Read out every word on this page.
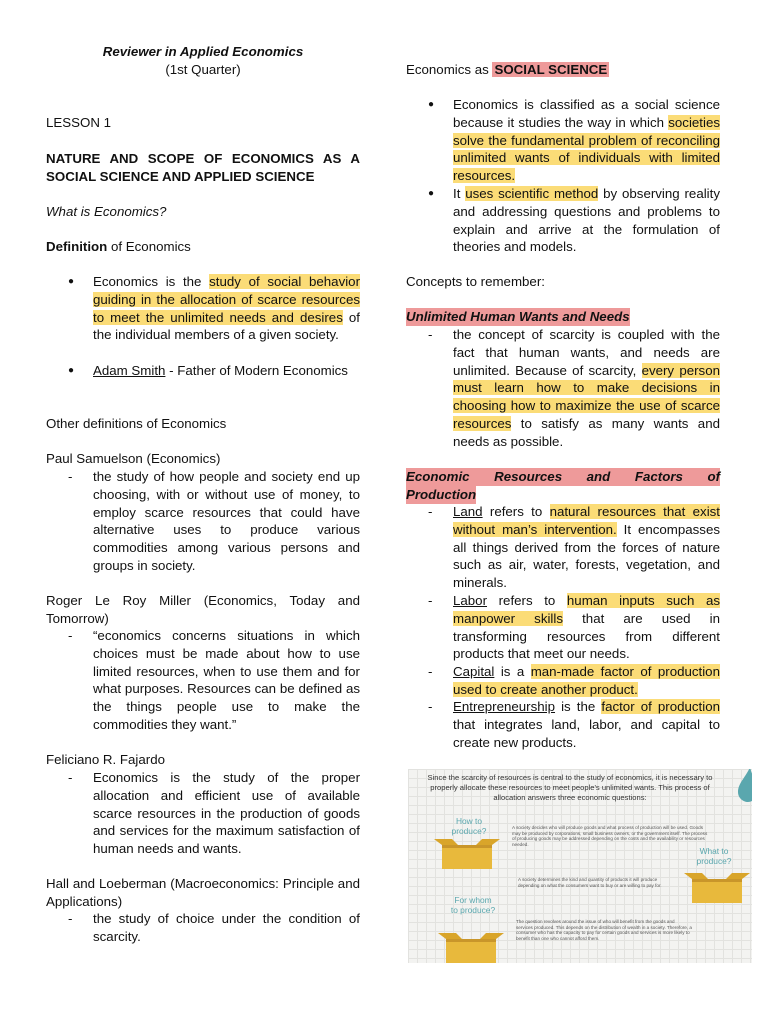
Reviewer in Applied Economics
(1st Quarter)
LESSON 1
NATURE AND SCOPE OF ECONOMICS AS A
SOCIAL SCIENCE AND APPLIED SCIENCE
What is Economics?
Definition of Economics
● Economics is the study of social behavior guiding in the allocation of scarce resources to meet the unlimited needs and desires of the individual members of a given society.
● Adam Smith - Father of Modern Economics
Other definitions of Economics
Paul Samuelson (Economics)
- the study of how people and society end up choosing, with or without use of money, to employ scarce resources that could have alternative uses to produce various commodities among various persons and groups in society.
Roger Le Roy Miller (Economics, Today and Tomorrow)
- “economics concerns situations in which choices must be made about how to use limited resources, when to use them and for what purposes. Resources can be defined as the things people use to make the commodities they want.”
Feliciano R. Fajardo
- Economics is the study of the proper allocation and efficient use of available scarce resources in the production of goods and services for the maximum satisfaction of human needs and wants.
Hall and Loeberman (Macroeconomics: Principle and Applications)
- the study of choice under the condition of scarcity.
Economics as SOCIAL SCIENCE
● Economics is classified as a social science because it studies the way in which societies solve the fundamental problem of reconciling unlimited wants of individuals with limited resources.
● It uses scientific method by observing reality and addressing questions and problems to explain and arrive at the formulation of theories and models.
Concepts to remember:
Unlimited Human Wants and Needs
- the concept of scarcity is coupled with the fact that human wants, and needs are unlimited. Because of scarcity, every person must learn how to make decisions in choosing how to maximize the use of scarce resources to satisfy as many wants and needs as possible.
Economic Resources and Factors of
Production
- Land refers to natural resources that exist without man’s intervention. It encompasses all things derived from the forces of nature such as air, water, forests, vegetation, and minerals.
- Labor refers to human inputs such as manpower skills that are used in transforming resources from different products that meet our needs.
- Capital is a man-made factor of production used to create another product.
- Entrepreneurship is the factor of production that integrates land, labor, and capital to create new products.
Since the scarcity of resources is central to the study of economics, it is necessary to properly allocate these resources to meet people's unlimited wants. This process of allocation answers three economic questions:
How to produce?	A society decides who will produce goods and what process of production will be used. Goods may be produced by corporations, small business owners, or the government itself. The process of producing goods may be addressed depending on the costs and the availability or resources needed.
What to produce?
A society determines the kind and quantity of products it will produce depending on what the consumers want to buy or are willing to pay for.
For whom to produce?
The question revolves around the issue of who will benefit from the goods and services produced. This depends on the distribution of wealth in a society. Therefore, a consumer who has the capacity to pay for certain goods and services is more likely to benefit than one who cannot afford them.
